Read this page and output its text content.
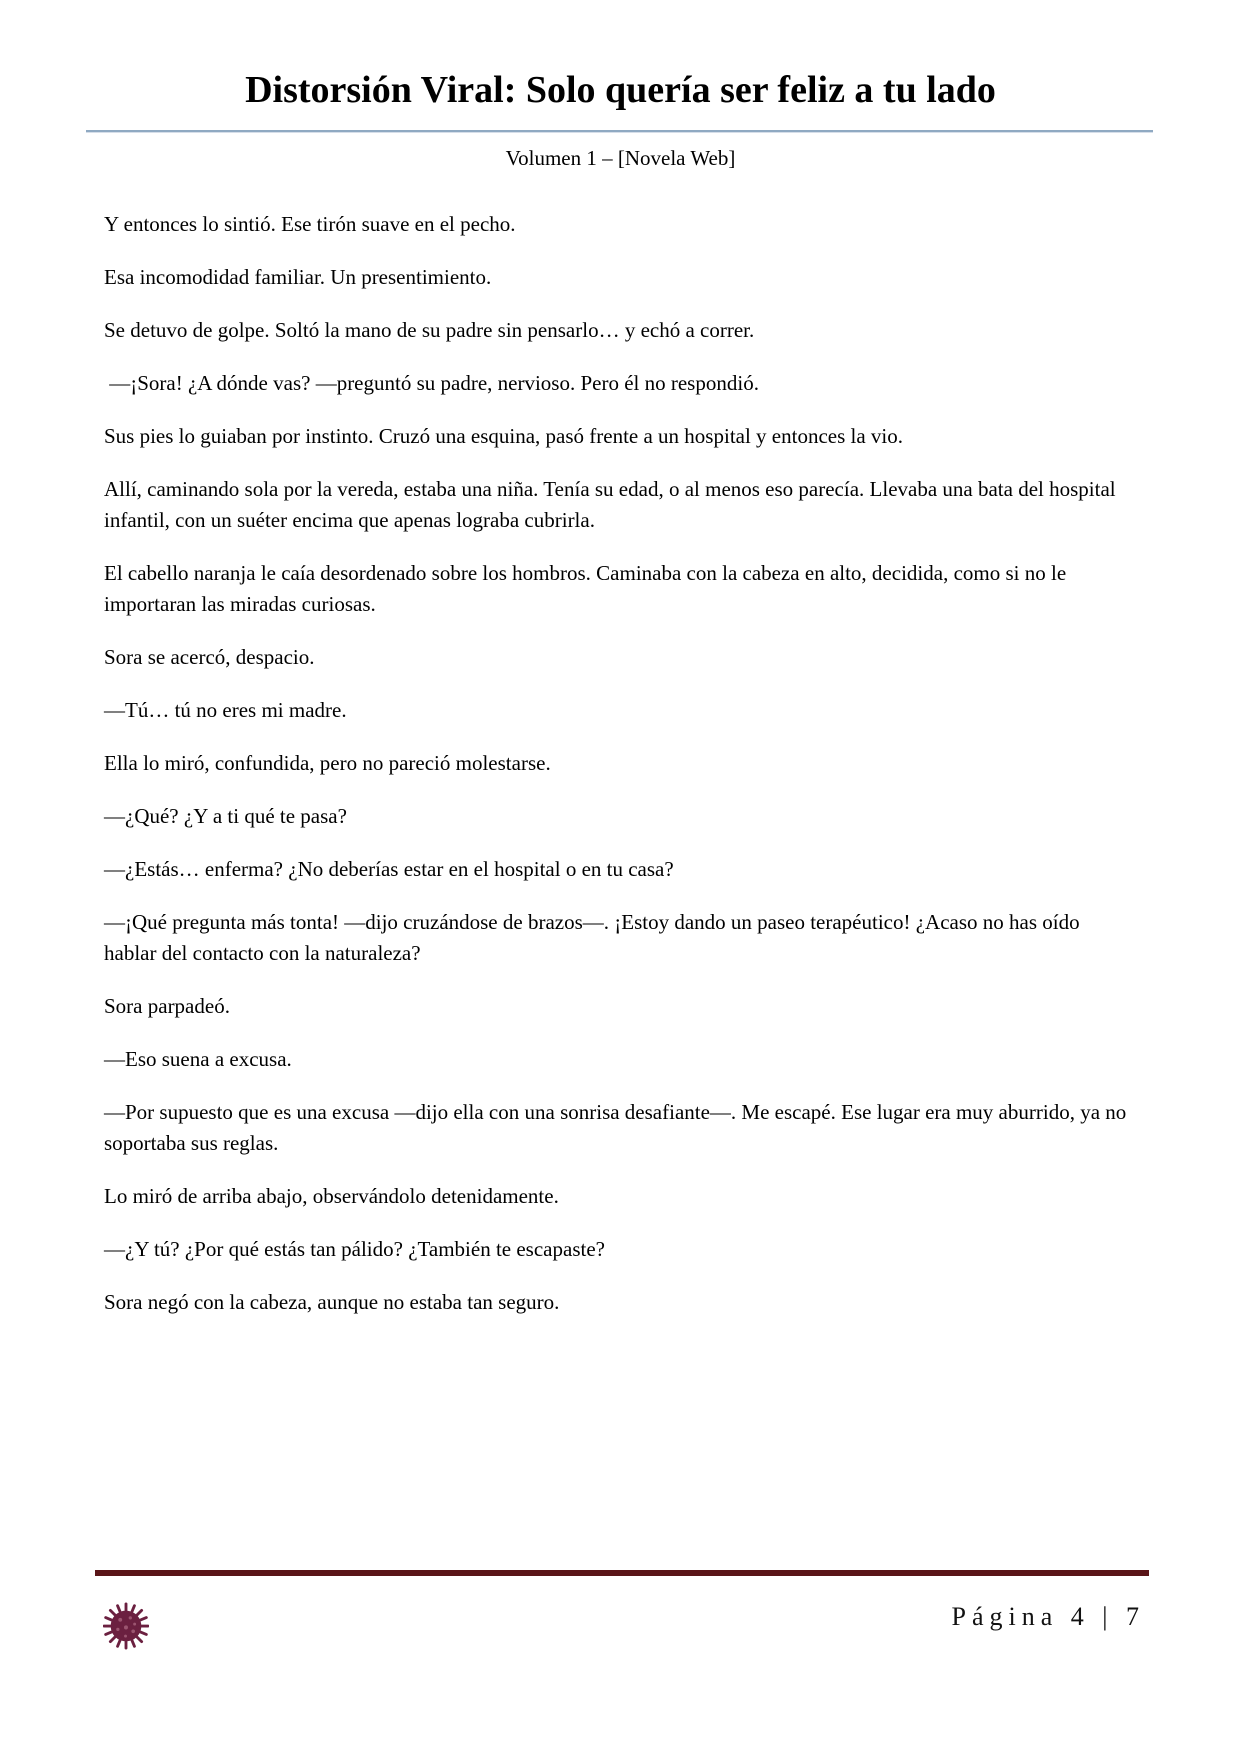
Distorsión Viral: Solo quería ser feliz a tu lado
Volumen 1 – [Novela Web]

Y entonces lo sintió. Ese tirón suave en el pecho.

Esa incomodidad familiar. Un presentimiento.

Se detuvo de golpe. Soltó la mano de su padre sin pensarlo… y echó a correr.

—¡Sora! ¿A dónde vas? —preguntó su padre, nervioso. Pero él no respondió.

Sus pies lo guiaban por instinto. Cruzó una esquina, pasó frente a un hospital y entonces la vio.

Allí, caminando sola por la vereda, estaba una niña. Tenía su edad, o al menos eso parecía. Llevaba una bata del hospital infantil, con un suéter encima que apenas lograba cubrirla.

El cabello naranja le caía desordenado sobre los hombros. Caminaba con la cabeza en alto, decidida, como si no le importaran las miradas curiosas.

Sora se acercó, despacio.

—Tú… tú no eres mi madre.

Ella lo miró, confundida, pero no pareció molestarse.

—¿Qué? ¿Y a ti qué te pasa?

—¿Estás… enferma? ¿No deberías estar en el hospital o en tu casa?

—¡Qué pregunta más tonta! —dijo cruzándose de brazos—. ¡Estoy dando un paseo terapéutico! ¿Acaso no has oído hablar del contacto con la naturaleza?

Sora parpadeó.

—Eso suena a excusa.

—Por supuesto que es una excusa —dijo ella con una sonrisa desafiante—. Me escapé. Ese lugar era muy aburrido, ya no soportaba sus reglas.

Lo miró de arriba abajo, observándolo detenidamente.

—¿Y tú? ¿Por qué estás tan pálido? ¿También te escapaste?

Sora negó con la cabeza, aunque no estaba tan seguro.

Página 4 | 7
